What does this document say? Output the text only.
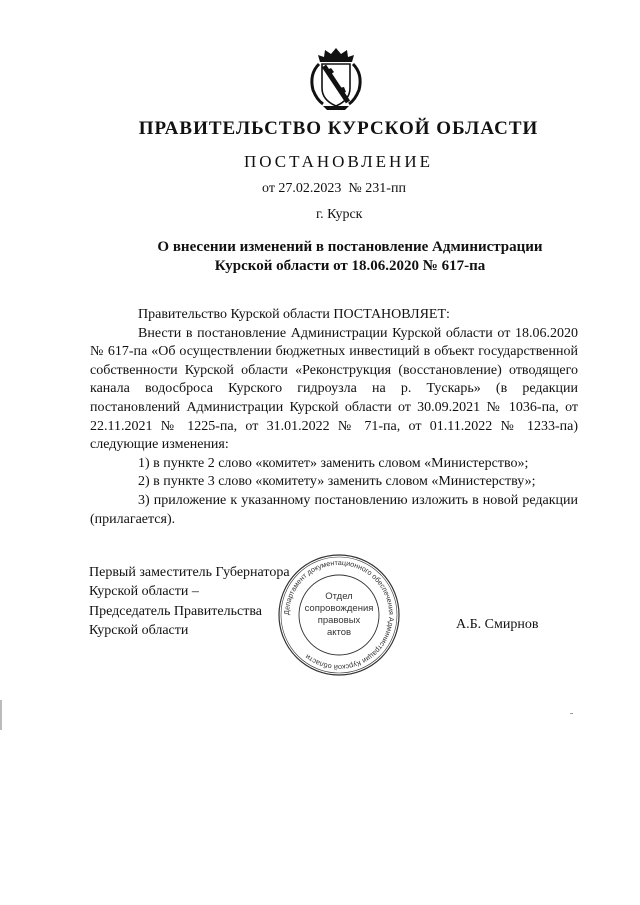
ПРАВИТЕЛЬСТВО КУРСКОЙ ОБЛАСТИ
ПОСТАНОВЛЕНИЕ
от 27.02.2023  № 231-пп
г. Курск
О внесении изменений в постановление Администрации
Курской области от 18.06.2020 № 617-па

Правительство Курской области ПОСТАНОВЛЯЕТ:

Внести в постановление Администрации Курской области от 18.06.2020 № 617-па «Об осуществлении бюджетных инвестиций в объект государственной собственности Курской области «Реконструкция (восстановление) отводящего канала водосброса Курского гидроузла на р. Тускарь» (в редакции постановлений Администрации Курской области от 30.09.2021 № 1036-па, от 22.11.2021 № 1225-па, от 31.01.2022 № 71-па, от 01.11.2022 № 1233-па) следующие изменения:

1) в пункте 2 слово «комитет» заменить словом «Министерство»;

2) в пункте 3 слово «комитету» заменить словом «Министерству»;

3) приложение к указанному постановлению изложить в новой редакции (прилагается).

Первый заместитель Губернатора
Курской области –
Председатель Правительства
Курской области	А.Б. Смирнов
Департамент документационного обеспечения Администрации Курской области
Отдел
сопровождения
правовых
актов
